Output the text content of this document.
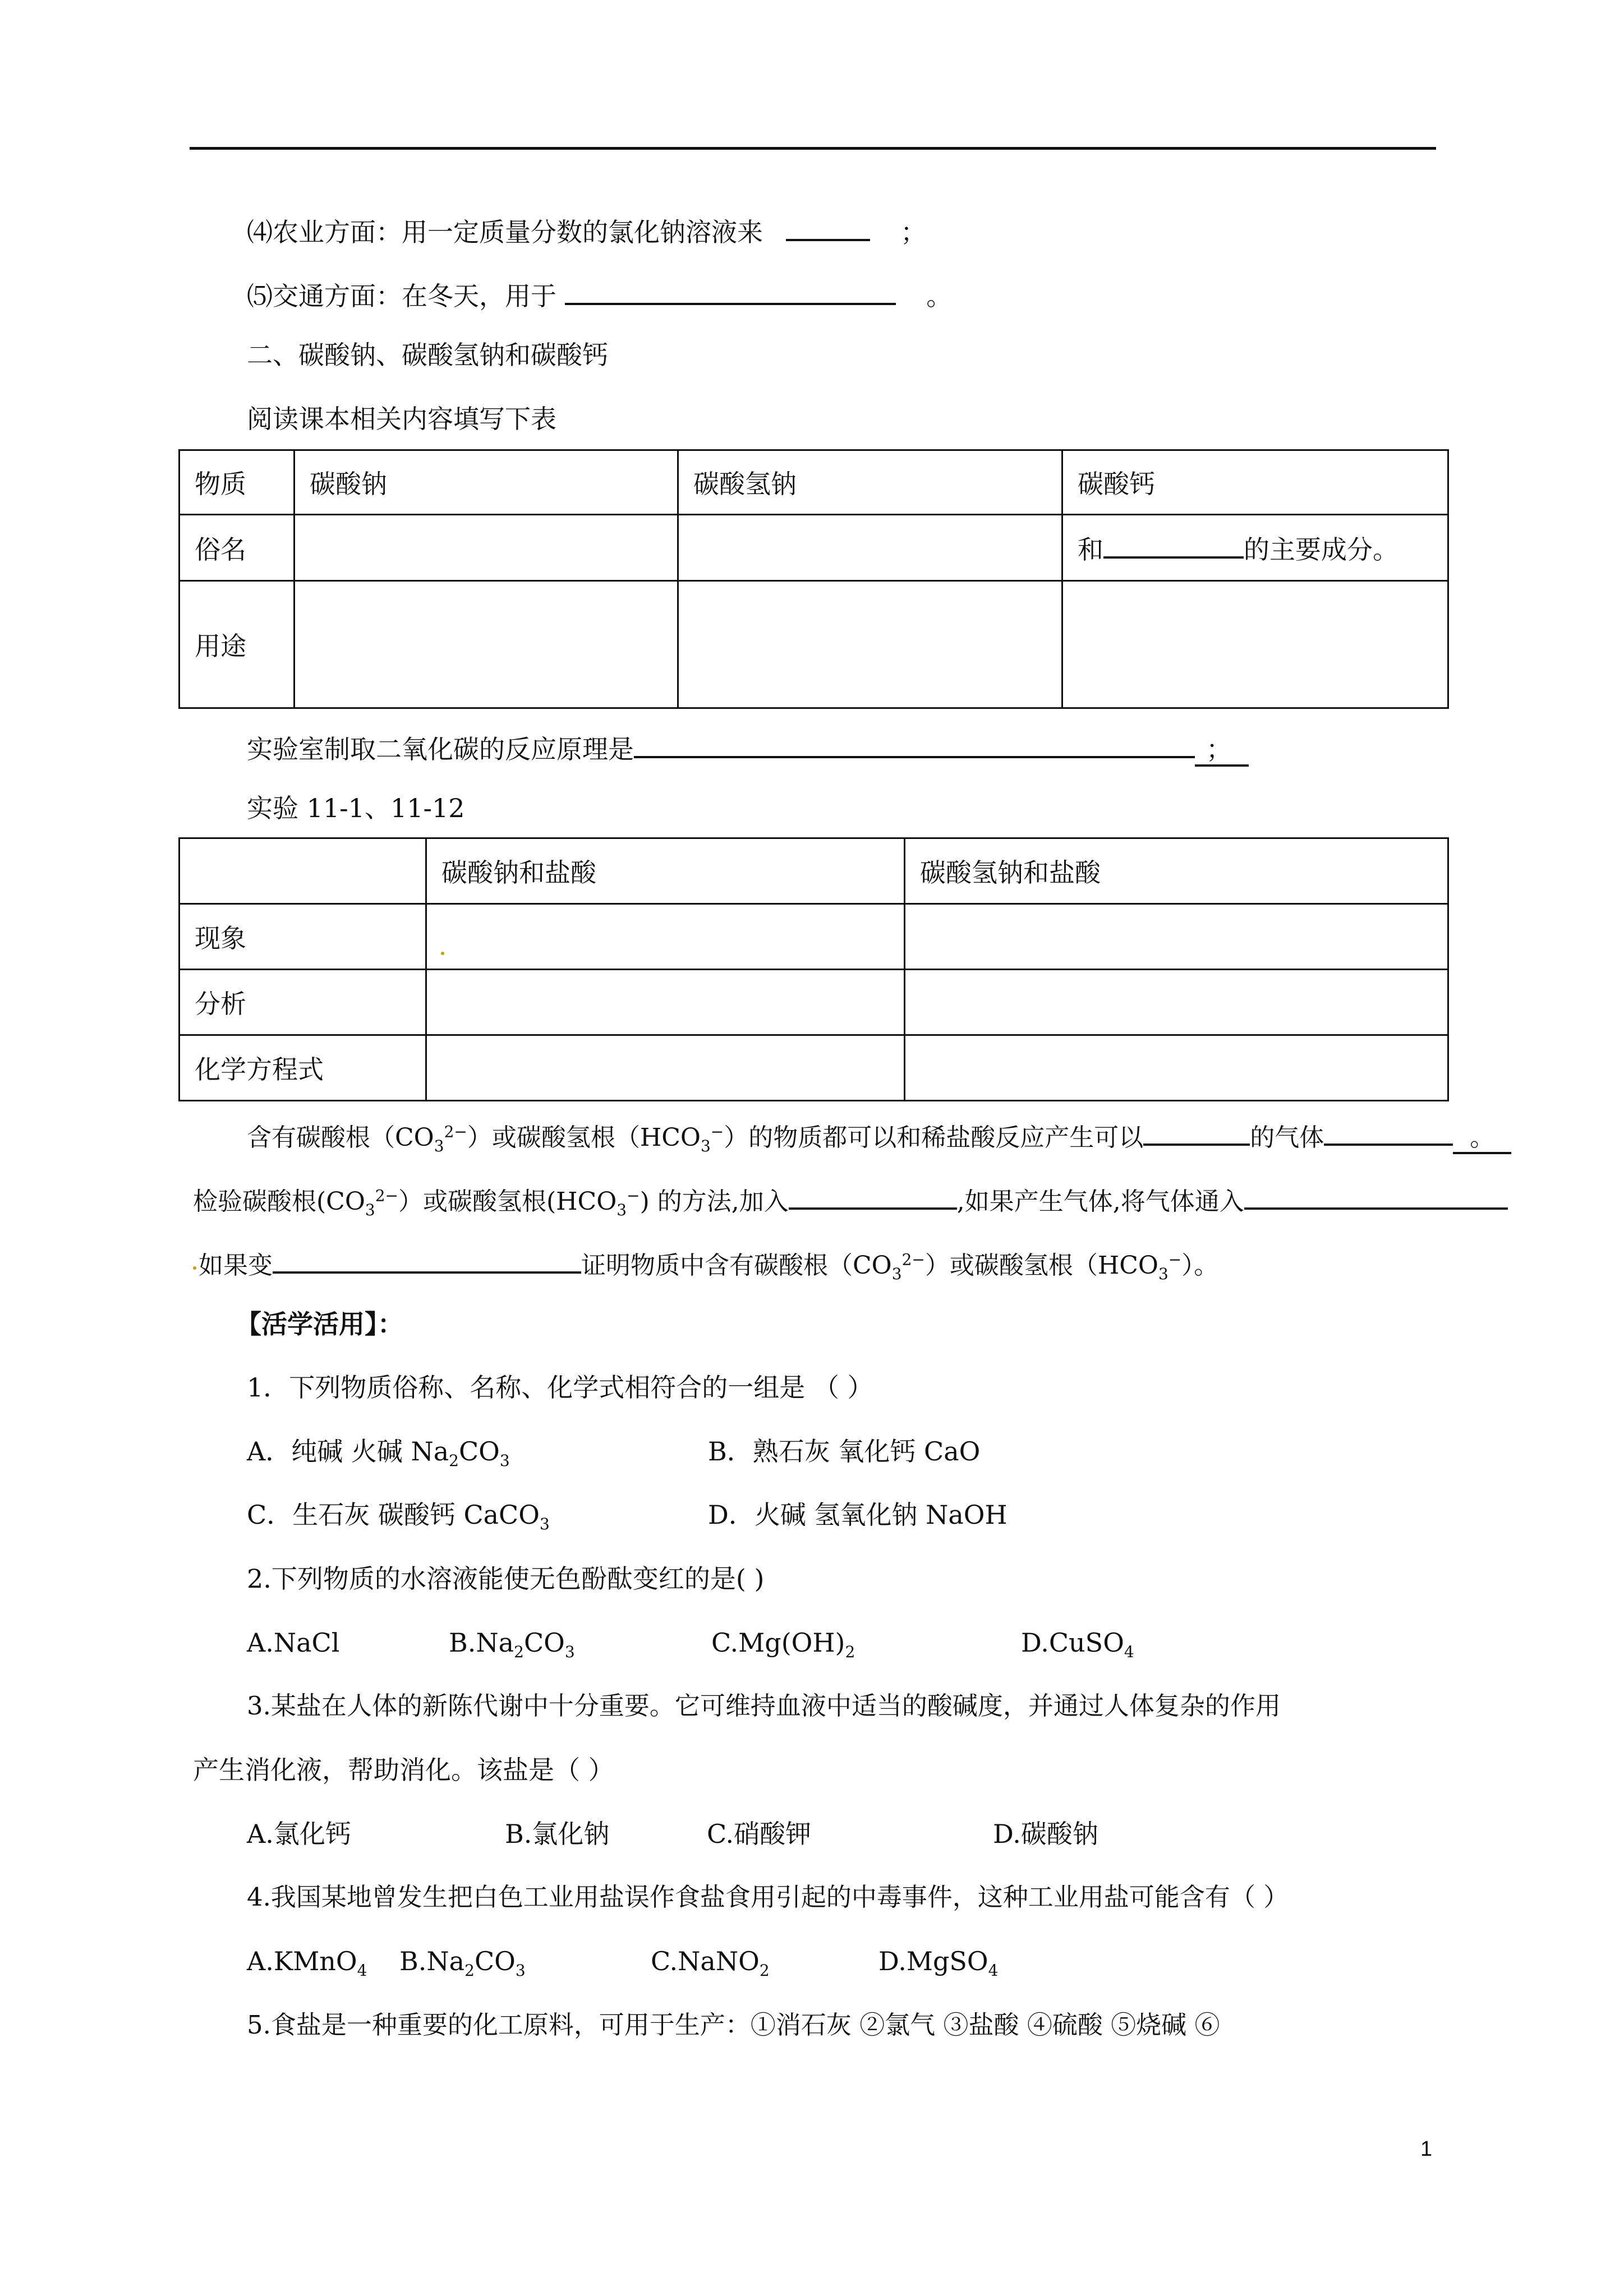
⑷农业方面：用一定质量分数的氯化钠溶液来	；
⑸交通方面：在冬天，用于	。
二、碳酸钠、碳酸氢钠和碳酸钙
阅读课本相关内容填写下表
物质	碳酸钠	碳酸氢钠	碳酸钙
俗名			和 的主要成分。
用途			
实验室制取二氧化碳的反应原理是	；
实验 11-1、11-12
	碳酸钠和盐酸	碳酸氢钠和盐酸
现象		
分析		
化学方程式		
含有碳酸根$(CO_3^{2-})$或碳酸氢根$(HCO_3^-)$的物质都可以和稀盐酸反应产生可以	的气体	。
检验碳酸根$(CO_3^{2-})$或碳酸氢根$(HCO_3^-)$ 的方法,加入	,如果产生气体,将气体通入
如果变	证明物质中含有碳酸根$(CO_3^{2-})$或碳酸氢根$(HCO_3^-)$。
【活学活用】：
1．下列物质俗称、名称、化学式相符合的一组是 （ ）
A．纯碱 火碱 $Na_2CO_3$	B．熟石灰 氧化钙 CaO
C．生石灰 碳酸钙 CaCO$_3$	D．火碱 氢氧化钠 NaOH
2.下列物质的水溶液能使无色酚酞变红的是( )
A.NaCl	$B.Na_2CO_3$	$C.Mg(OH)_2$	D.CuSO$_4$
3.某盐在人体的新陈代谢中十分重要。它可维持血液中适当的酸碱度，并通过人体复杂的作用
产生消化液，帮助消化。该盐是（ ）
A.氯化钙	B.氯化钠	C.硝酸钾	D.碳酸钠
4.我国某地曾发生把白色工业用盐误作食盐食用引起的中毒事件，这种工业用盐可能含有（ ）
A.KMnO$_4$ $B.Na_2CO_3$	C.NaNO$_2$	D.MgSO$_4$
5.食盐是一种重要的化工原料，可用于生产：①消石灰 ②氯气 ③盐酸 ④硫酸 ⑤烧碱 ⑥
1
